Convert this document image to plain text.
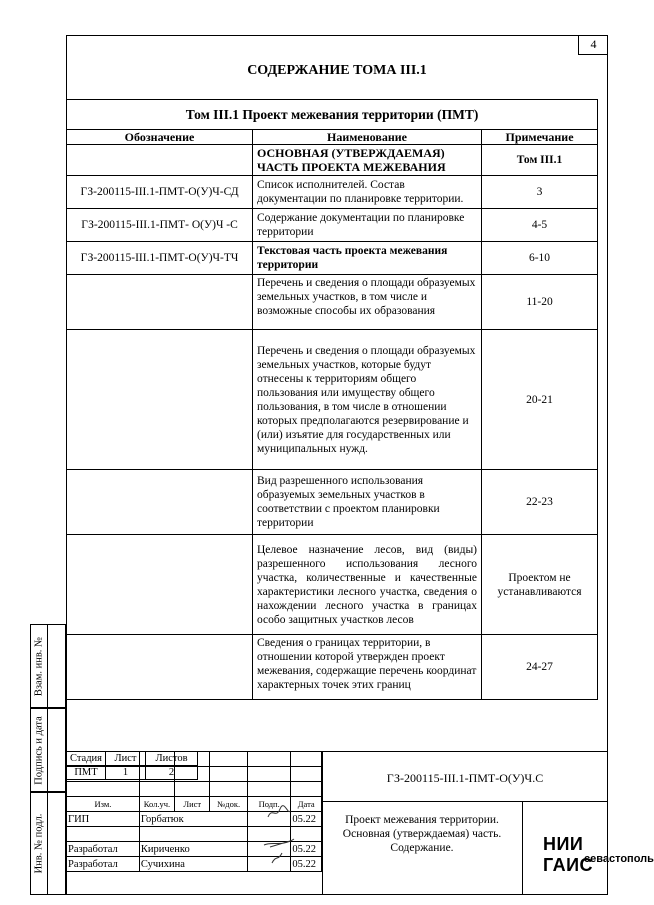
4
СОДЕРЖАНИЕ ТОМА III.1
Том III.1 Проект межевания территории (ПМТ)		
Обозначение	Наименование	Примечание
	ОСНОВНАЯ (УТВЕРЖДАЕМАЯ) ЧАСТЬ ПРОЕКТА МЕЖЕВАНИЯ	Том III.1
ГЗ-200115-III.1-ПМТ-О(У)Ч-СД	Список исполнителей. Состав документации по планировке территории.	3
ГЗ-200115-III.1-ПМТ- О(У)Ч -С	Содержание документации по планировке территории	4-5
ГЗ-200115-III.1-ПМТ-О(У)Ч-ТЧ	Текстовая часть проекта межевания территории	6-10
	Перечень и сведения о площади образуемых земельных участков, в том числе и возможные способы их образования	11-20
	Перечень и сведения о площади образуемых земельных участков, которые будут отнесены к территориям общего пользования или имуществу общего пользования, в том числе в отношении которых предполагаются резервирование и (или) изъятие для государственных или муниципальных нужд.	20-21
	Вид разрешенного использования образуемых земельных участков в соответствии с проектом планировки территории	22-23
	Целевое назначение лесов, вид (виды) разрешенного использования лесного участка, количественные и качественные характеристики лесного участка, сведения о нахождении лесного участка в границах особо защитных участков лесов	Проектом не устанавливаются
	Сведения о границах территории, в отношении которой утвержден проект межевания, содержащие перечень координат характерных точек этих границ	24-27
Взам. инв. №
Подпись и дата
Инв. № подл.

Изм.	Кол.уч.	Лист	№док.	Подп.	Дата
ГИП	Горбатюк				05.22

Разработал	Кириченко				05.22
Разработал	Сучихина				05.22
ГЗ-200115-III.1-ПМТ-О(У)Ч.С
Проект межевания территории. Основная (утверждаемая) часть. Содержание.
Стадия	Лист	Листов
ПМТ	1	2
НИИ ГАИС
севастополь
